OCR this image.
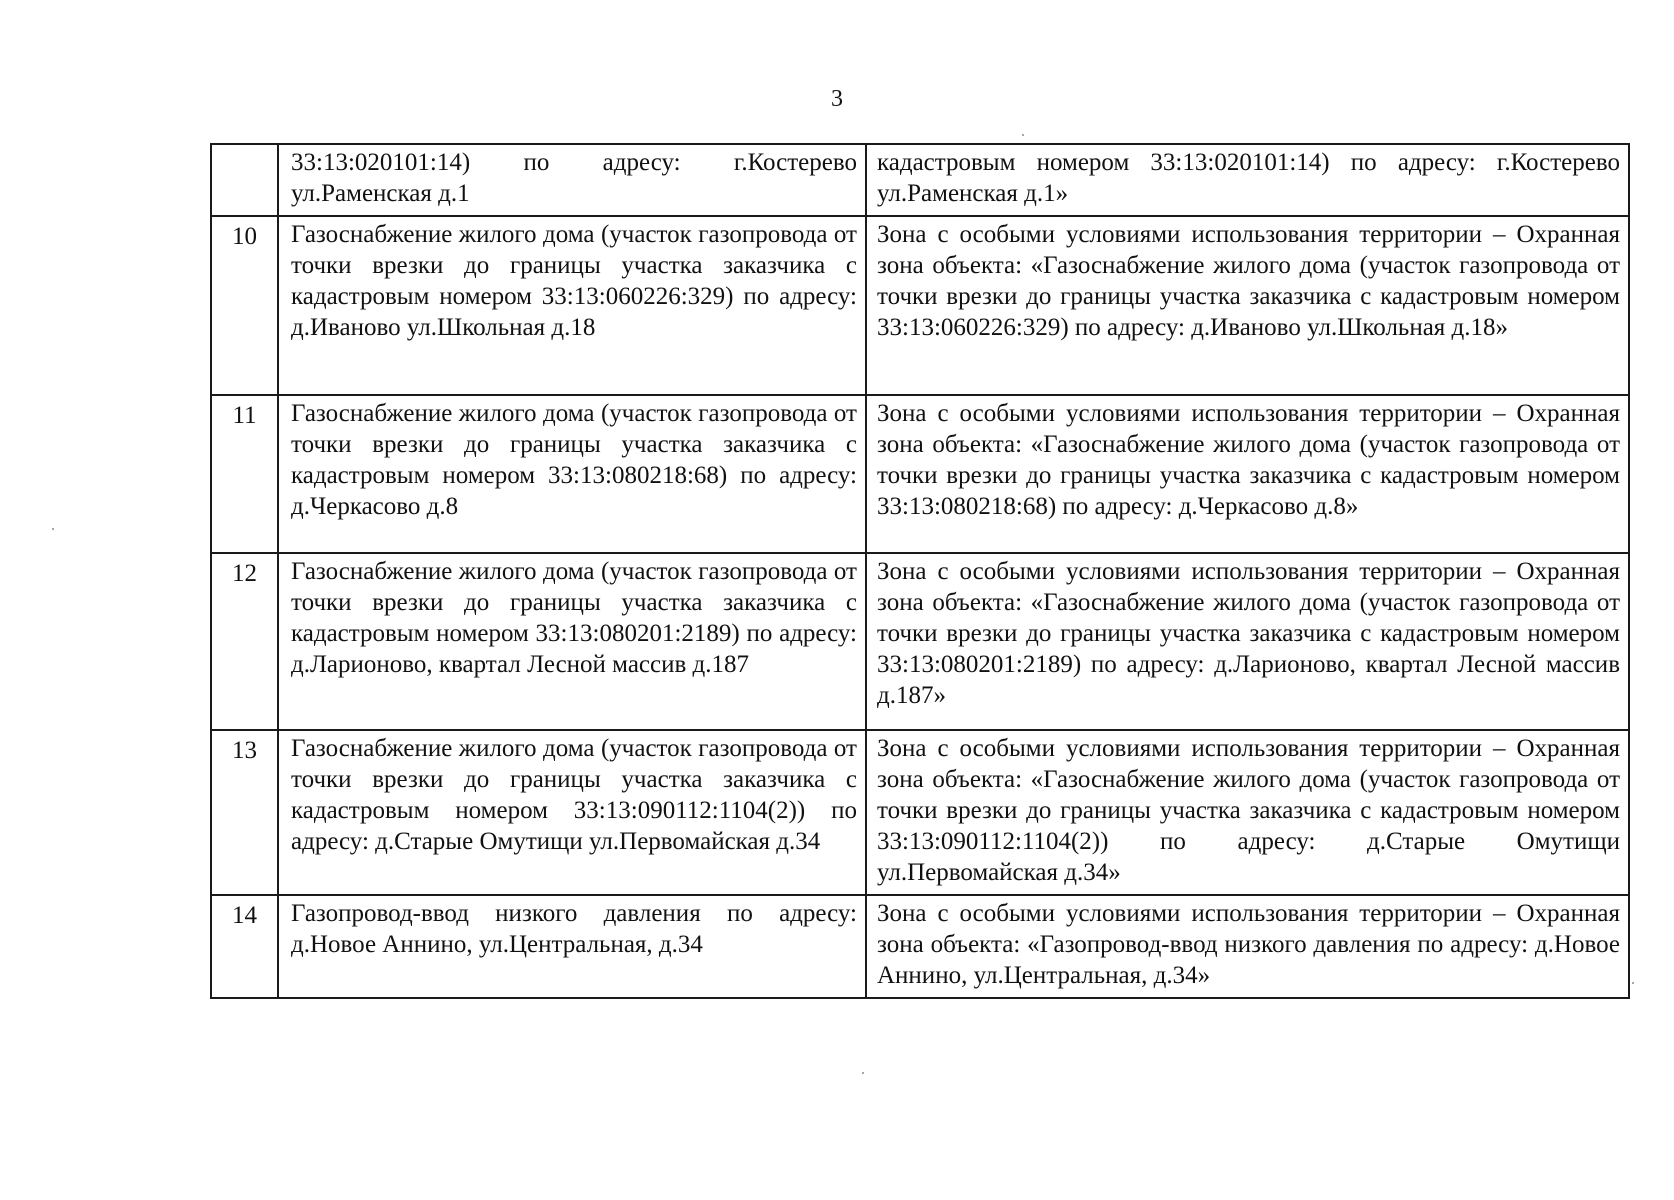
3
	33:13:020101:14) по адресу: г.Костерево ул.Раменская д.1	кадастровым номером 33:13:020101:14) по адресу: г.Костерево ул.Раменская д.1»
10	Газоснабжение жилого дома (участок газопровода от точки врезки до границы участка заказчика с кадастровым номером 33:13:060226:329) по адресу: д.Иваново ул.Школьная д.18	Зона с особыми условиями использования территории – Охранная зона объекта: «Газоснабжение жилого дома (участок газопровода от точки врезки до границы участка заказчика с кадастровым номером 33:13:060226:329) по адресу: д.Иваново ул.Школьная д.18»
11	Газоснабжение жилого дома (участок газопровода от точки врезки до границы участка заказчика с кадастровым номером 33:13:080218:68) по адресу: д.Черкасово д.8	Зона с особыми условиями использования территории – Охранная зона объекта: «Газоснабжение жилого дома (участок газопровода от точки врезки до границы участка заказчика с кадастровым номером 33:13:080218:68) по адресу: д.Черкасово д.8»
12	Газоснабжение жилого дома (участок газопровода от точки врезки до границы участка заказчика с кадастровым номером 33:13:080201:2189) по адресу: д.Ларионово, квартал Лесной массив д.187	Зона с особыми условиями использования территории – Охранная зона объекта: «Газоснабжение жилого дома (участок газопровода от точки врезки до границы участка заказчика с кадастровым номером 33:13:080201:2189) по адресу: д.Ларионово, квартал Лесной массив д.187»
13	Газоснабжение жилого дома (участок газопровода от точки врезки до границы участка заказчика с кадастровым номером 33:13:090112:1104(2)) по адресу: д.Старые Омутищи ул.Первомайская д.34	Зона с особыми условиями использования территории – Охранная зона объекта: «Газоснабжение жилого дома (участок газопровода от точки врезки до границы участка заказчика с кадастровым номером 33:13:090112:1104(2)) по адресу: д.Старые Омутищи ул.Первомайская д.34»
14	Газопровод-ввод низкого давления по адресу: д.Новое Аннино, ул.Центральная, д.34	Зона с особыми условиями использования территории – Охранная зона объекта: «Газопровод-ввод низкого давления по адресу: д.Новое Аннино, ул.Центральная, д.34»
